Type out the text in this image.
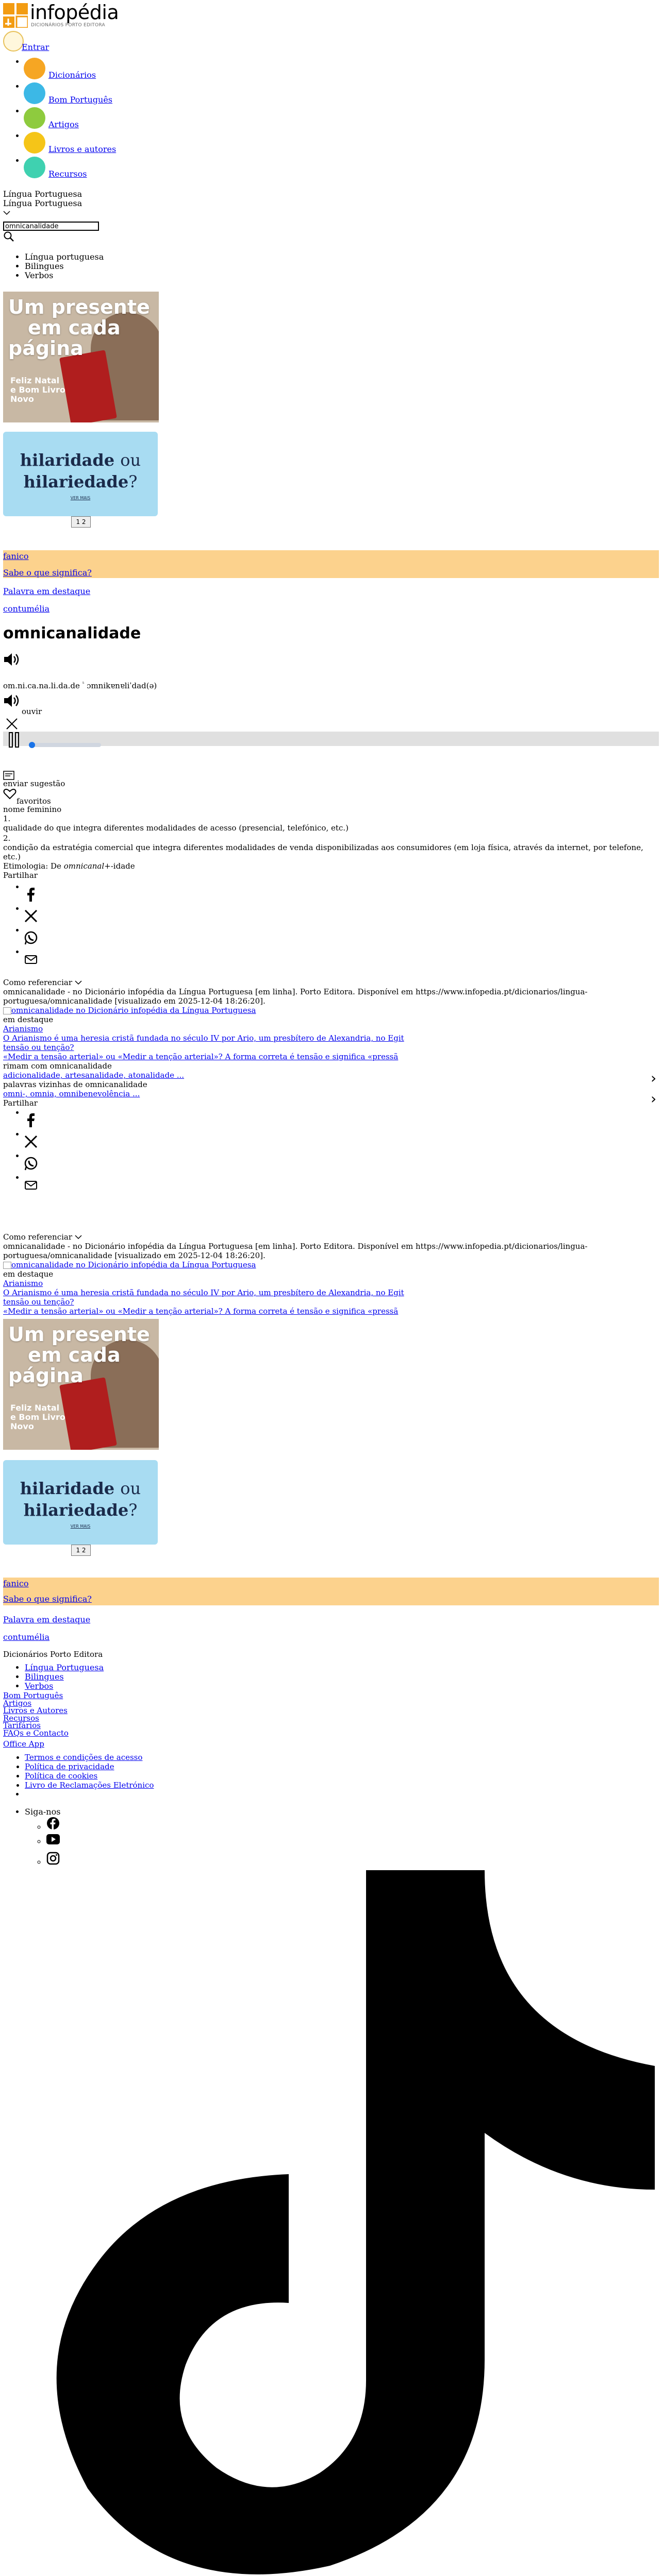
infopédia
DICIONÁRIOS PORTO EDITORA
Entrar
Dicionários
Bom Português
Artigos
Livros e autores
Recursos
Língua Portuguesa
Língua Portuguesa
omnicanalidade
• Língua portuguesa
• Bilingues
• Verbos
Um presente
em cada
página
Feliz Natal
e Bom Livro
Novo
hilaridade ou
hilariedade?
VER MAIS
1 2
fanico
Sabe o que significa?
Palavra em destaque
contumélia
omnicanalidade
om.ni.ca.na.li.da.de $^{^5}$ ɔmnikɐnɐliˈdad(ə)
ouvir
enviar sugestão
favoritos
nome feminino
1.
qualidade do que integra diferentes modalidades de acesso (presencial, telefónico, etc.)
2.
condição da estratégia comercial que integra diferentes modalidades de venda disponibilizadas aos consumidores (em loja física, através da internet, por telefone, etc.)
Etimologia: De omnicanal+-idade
Partilhar
Como referenciar
omnicanalidade - no Dicionário infopédia da Língua Portuguesa [em linha]. Porto Editora. Disponível em https://www.infopedia.pt/dicionarios/lingua-
portuguesa/omnicanalidade [visualizado em 2025-12-04 18:26:20].
omnicanalidade no Dicionário infopédia da Língua Portuguesa
em destaque
Arianismo
O Arianismo é uma heresia cristã fundada no século IV por Ario, um presbítero de Alexandria, no Egit
tensão ou tenção?
«Medir a tensão arterial» ou «Medir a tenção arterial»? A forma correta é tensão e significa «pressã
rimam com omnicanalidade
adicionalidade, artesanalidade, atonalidade ...
palavras vizinhas de omnicanalidade
omni-, omnia, omnibenevolência ...
Partilhar
›
›
Como referenciar
omnicanalidade - no Dicionário infopédia da Língua Portuguesa [em linha]. Porto Editora. Disponível em https://www.infopedia.pt/dicionarios/lingua-
portuguesa/omnicanalidade [visualizado em 2025-12-04 18:26:20].
omnicanalidade no Dicionário infopédia da Língua Portuguesa
em destaque
Arianismo
O Arianismo é uma heresia cristã fundada no século IV por Ario, um presbítero de Alexandria, no Egit
tensão ou tenção?
«Medir a tensão arterial» ou «Medir a tenção arterial»? A forma correta é tensão e significa «pressã
Um presente
em cada
página
Feliz Natal
e Bom Livro
Novo
hilaridade ou
hilariedade?
VER MAIS
1 2
fanico
Sabe o que significa?
Palavra em destaque
contumélia
Dicionários Porto Editora
• Língua Portuguesa
• Bilingues
• Verbos
Bom Português
Artigos
Livros e Autores
Recursos
Tarifários
FAQs e Contacto
Office App
• Termos e condições de acesso
• Política de privacidade
• Política de cookies
• Livro de Reclamações Eletrónico
• Siga-nos
◦
◦
◦
